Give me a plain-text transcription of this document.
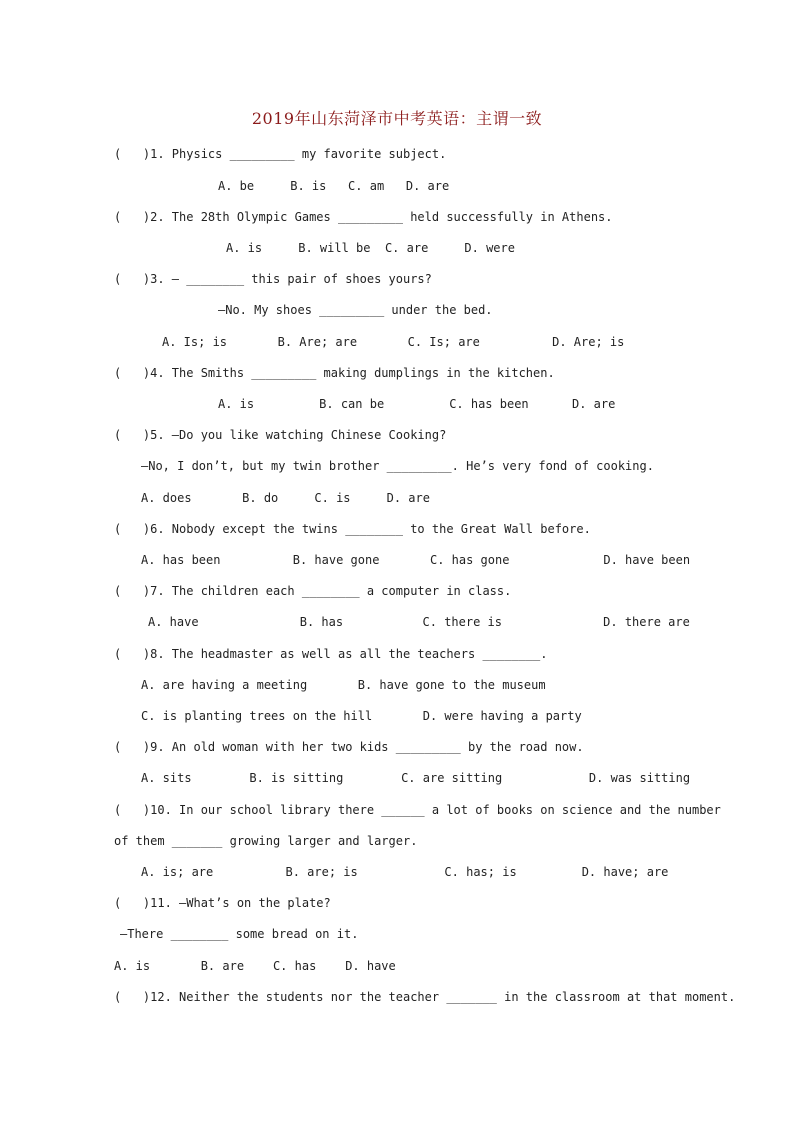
2019年山东菏泽市中考英语：主谓一致
(   )1. Physics _________ my favorite subject.
A. be     B. is   C. am   D. are
(   )2. The 28th Olympic Games _________ held successfully in Athens.
A. is     B. will be  C. are     D. were
(   )3. — ________ this pair of shoes yours?
—No. My shoes _________ under the bed.
A. Is; is       B. Are; are       C. Is; are          D. Are; is
(   )4. The Smiths _________ making dumplings in the kitchen.
A. is         B. can be         C. has been      D. are
(   )5. —Do you like watching Chinese Cooking?
—No, I don’t, but my twin brother _________. He’s very fond of cooking.
A. does       B. do     C. is     D. are
(   )6. Nobody except the twins ________ to the Great Wall before.
A. has been          B. have gone       C. has gone             D. have been
(   )7. The children each ________ a computer in class.
A. have              B. has           C. there is              D. there are
(   )8. The headmaster as well as all the teachers ________.
A. are having a meeting       B. have gone to the museum
C. is planting trees on the hill       D. were having a party
(   )9. An old woman with her two kids _________ by the road now.
A. sits        B. is sitting        C. are sitting            D. was sitting
(   )10. In our school library there ______ a lot of books on science and the number
of them _______ growing larger and larger.
A. is; are          B. are; is            C. has; is         D. have; are
(   )11. —What’s on the plate?
—There ________ some bread on it.
A. is       B. are    C. has    D. have
(   )12. Neither the students nor the teacher _______ in the classroom at that moment.
